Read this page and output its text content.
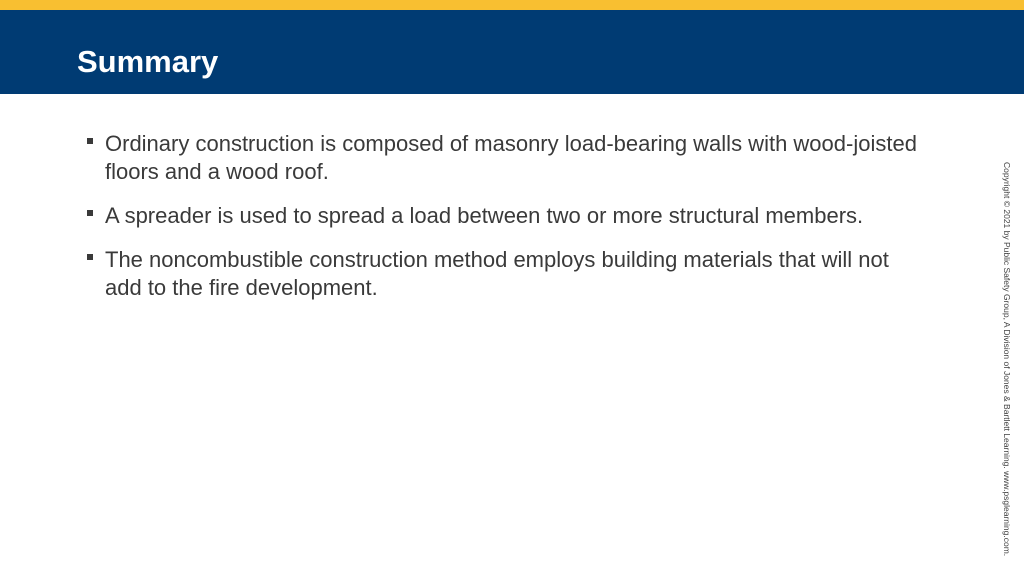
Summary
Ordinary construction is composed of masonry load-bearing walls with wood-joisted floors and a wood roof.
A spreader is used to spread a load between two or more structural members.
The noncombustible construction method employs building materials that will not add to the fire development.	Copyright © 2021 by Public Safety Group, A Division of Jones & Bartlett Learning. www.psglearning.com.
